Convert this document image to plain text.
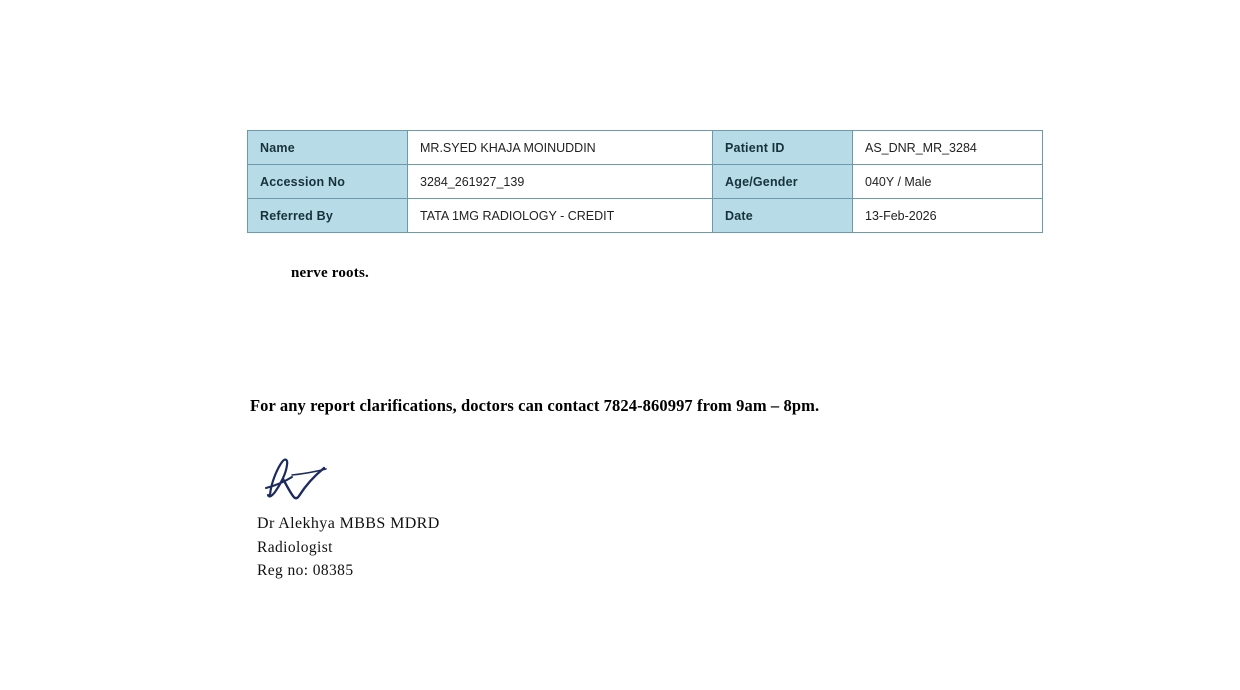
Name	MR.SYED KHAJA MOINUDDIN	Patient ID	AS_DNR_MR_3284
Accession No	3284_261927_139	Age/Gender	040Y / Male
Referred By	TATA 1MG RADIOLOGY - CREDIT	Date	13-Feb-2026
nerve roots.
For any report clarifications, doctors can contact 7824-860997 from 9am – 8pm.
Dr Alekhya MBBS MDRD
Radiologist
Reg no: 08385
